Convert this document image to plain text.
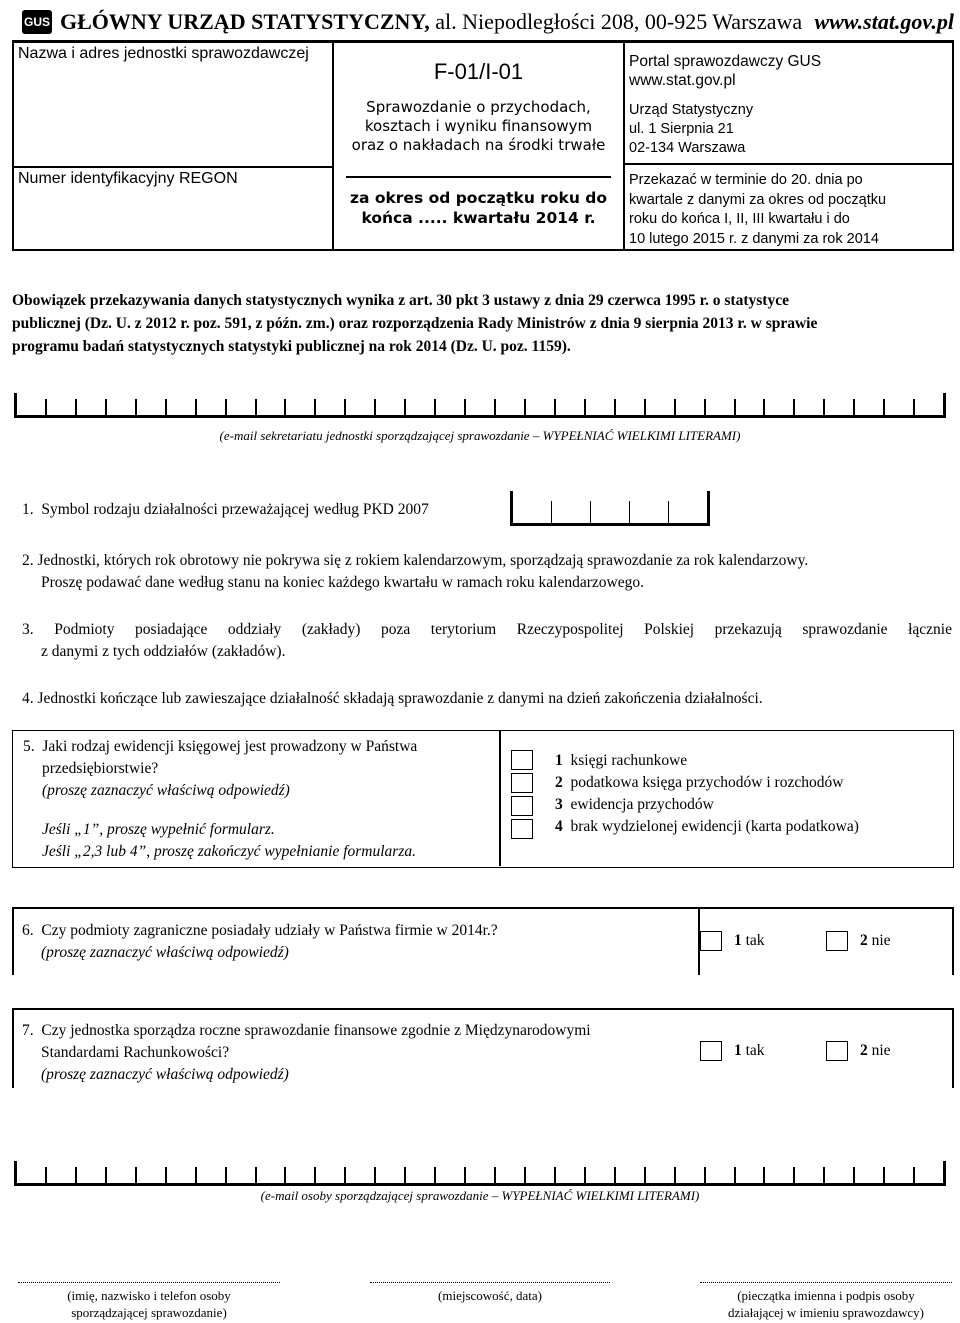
GUS GŁÓWNY URZĄD STATYSTYCZNY, al. Niepodległości 208, 00-925 Warszawa www.stat.gov.pl
Nazwa i adres jednostki sprawozdawczej
Numer identyfikacyjny REGON
F-01/I-01
Sprawozdanie o przychodach,
kosztach i wyniku finansowym
oraz o nakładach na środki trwałe
za okres od początku roku do
końca ..... kwartału 2014 r.
Portal sprawozdawczy GUS
www.stat.gov.pl
Urząd Statystyczny
ul. 1 Sierpnia 21
02-134 Warszawa
Przekazać w terminie do 20. dnia po
kwartale z danymi za okres od początku
roku do końca I, II, III kwartału i do
10 lutego 2015 r. z danymi za rok 2014
Obowiązek przekazywania danych statystycznych wynika z art. 30 pkt 3 ustawy z dnia 29 czerwca 1995 r. o statystyce
publicznej (Dz. U. z 2012 r. poz. 591, z późn. zm.) oraz rozporządzenia Rady Ministrów z dnia 9 sierpnia 2013 r. w sprawie
programu badań statystycznych statystyki publicznej na rok 2014 (Dz. U. poz. 1159).
(e-mail sekretariatu jednostki sporządzającej sprawozdanie – WYPEŁNIAĆ WIELKIMI LITERAMI)
1. Symbol rodzaju działalności przeważającej według PKD 2007
2. Jednostki, których rok obrotowy nie pokrywa się z rokiem kalendarzowym, sporządzają sprawozdanie za rok kalendarzowy.
Proszę podawać dane według stanu na koniec każdego kwartału w ramach roku kalendarzowego.
3. Podmioty posiadające oddziały (zakłady) poza terytorium Rzeczypospolitej Polskiej przekazują sprawozdanie łącznie
z danymi z tych oddziałów (zakładów).
4. Jednostki kończące lub zawieszające działalność składają sprawozdanie z danymi na dzień zakończenia działalności.
5. Jaki rodzaj ewidencji księgowej jest prowadzony w Państwa
przedsiębiorstwie?
(proszę zaznaczyć właściwą odpowiedź)
Jeśli „1”, proszę wypełnić formularz.
Jeśli „2,3 lub 4”, proszę zakończyć wypełnianie formularza.
1 księgi rachunkowe
2 podatkowa księga przychodów i rozchodów
3 ewidencja przychodów
4 brak wydzielonej ewidencji (karta podatkowa)
6. Czy podmioty zagraniczne posiadały udziały w Państwa firmie w 2014r.?
(proszę zaznaczyć właściwą odpowiedź)
1 tak	2 nie
7. Czy jednostka sporządza roczne sprawozdanie finansowe zgodnie z Międzynarodowymi
Standardami Rachunkowości?
(proszę zaznaczyć właściwą odpowiedź)
1 tak	2 nie
(e-mail osoby sporządzającej sprawozdanie – WYPEŁNIAĆ WIELKIMI LITERAMI)
(imię, nazwisko i telefon osoby
sporządzającej sprawozdanie)
(miejscowość, data)	(pieczątka imienna i podpis osoby
działającej w imieniu sprawozdawcy)
